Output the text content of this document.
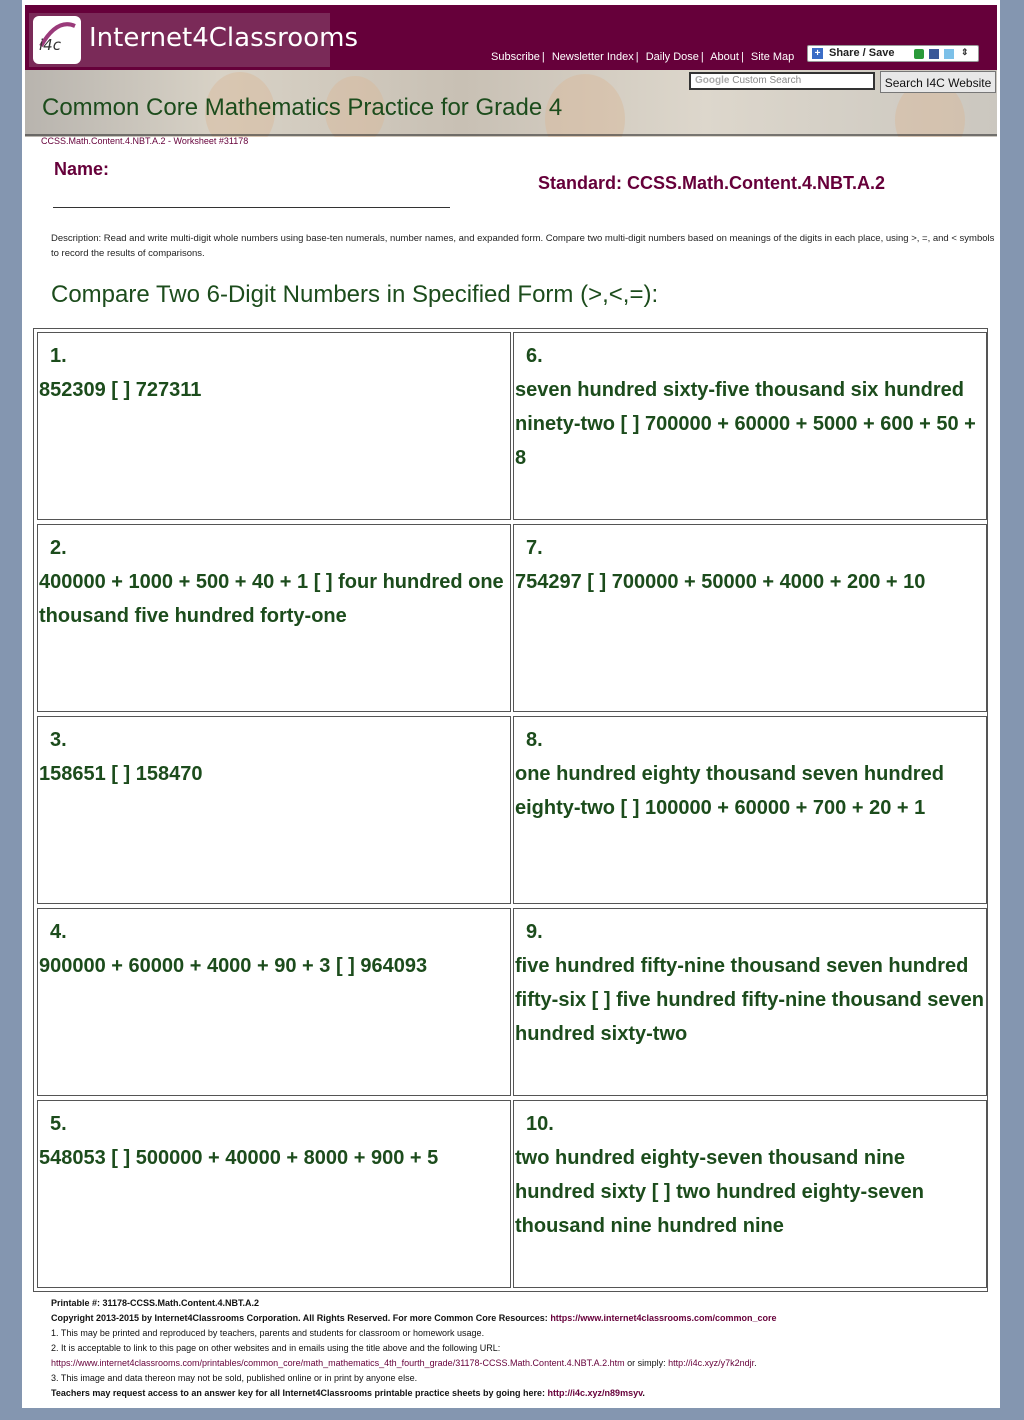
i4c Internet4Classrooms
Subscribe | Newsletter Index | Daily Dose | About | Site Map + Share / Save	⇕
Google Custom Search	Search I4C Website
Common Core Mathematics Practice for Grade 4
CCSS.Math.Content.4.NBT.A.2 - Worksheet #31178
Name:
Standard: CCSS.Math.Content.4.NBT.A.2
Description: Read and write multi-digit whole numbers using base-ten numerals, number names, and expanded form. Compare two multi-digit numbers based on meanings of the digits in each place, using >, =, and < symbols to record the results of comparisons.
Compare Two 6-Digit Numbers in Specified Form (>,<,=):
1.
852309 [ ] 727311
6.
seven hundred sixty-five thousand six hundred ninety-two [ ] 700000 + 60000 + 5000 + 600 + 50 + 8
2.
400000 + 1000 + 500 + 40 + 1 [ ] four hundred one thousand five hundred forty-one
7.
754297 [ ] 700000 + 50000 + 4000 + 200 + 10
3.
158651 [ ] 158470
8.
one hundred eighty thousand seven hundred eighty-two [ ] 100000 + 60000 + 700 + 20 + 1
4.
900000 + 60000 + 4000 + 90 + 3 [ ] 964093
9.
five hundred fifty-nine thousand seven hundred fifty-six [ ] five hundred fifty-nine thousand seven hundred sixty-two
5.
548053 [ ] 500000 + 40000 + 8000 + 900 + 5
10.
two hundred eighty-seven thousand nine hundred sixty [ ] two hundred eighty-seven thousand nine hundred nine
Printable #: 31178-CCSS.Math.Content.4.NBT.A.2
Copyright 2013-2015 by Internet4Classrooms Corporation. All Rights Reserved. For more Common Core Resources: https://www.internet4classrooms.com/common_core
1. This may be printed and reproduced by teachers, parents and students for classroom or homework usage.
2. It is acceptable to link to this page on other websites and in emails using the title above and the following URL:
https://www.internet4classrooms.com/printables/common_core/math_mathematics_4th_fourth_grade/31178-CCSS.Math.Content.4.NBT.A.2.htm or simply: http://i4c.xyz/y7k2ndjr.
3. This image and data thereon may not be sold, published online or in print by anyone else.
Teachers may request access to an answer key for all Internet4Classrooms printable practice sheets by going here: http://i4c.xyz/n89msyv.
